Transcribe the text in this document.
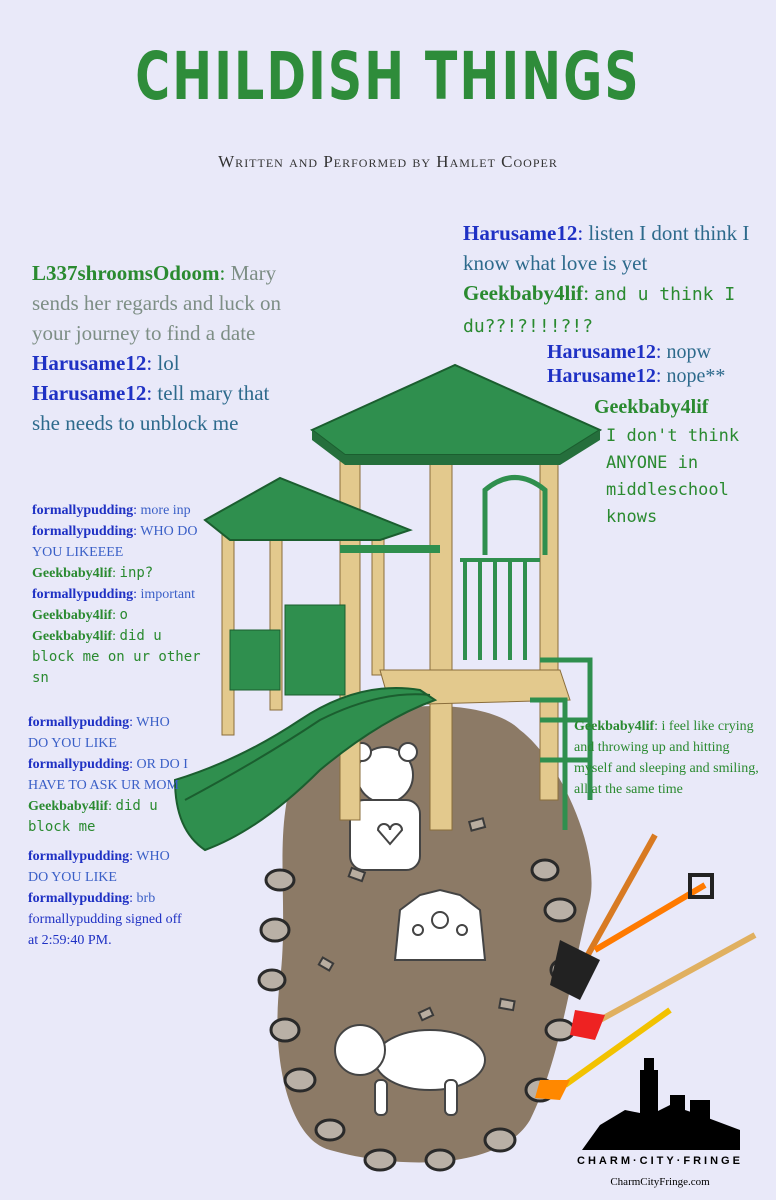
CHILDISH THINGS
Written and Performed by Hamlet Cooper
L337shroomsOdoom: Mary sends her regards and luck on your journey to find a date
Harusame12: lol
Harusame12: tell mary that she needs to unblock me
Harusame12: listen I dont think I know what love is yet
Geekbaby4lif: and u think I du??!?!!!?!?
Harusame12: nopw
Harusame12: nope**
Geekbaby4lif
I don't think ANYONE in middleschool knows
formallypudding: more inp
formallypudding: WHO DO YOU LIKEEEE
Geekbaby4lif: inp?
formallypudding: important
Geekbaby4lif: o
Geekbaby4lif: did u block me on ur other sn
formallypudding: WHO DO YOU LIKE
formallypudding: OR DO I HAVE TO ASK UR MOM
Geekbaby4lif: did u block me
formallypudding: WHO DO YOU LIKE
formallypudding: brb
formallypudding signed off at 2:59:40 PM.
Geekbaby4lif: i feel like crying and throwing up and hitting myself and sleeping and smiling, all at the same time
CHARM·CITY·FRINGE
CharmCityFringe.com
